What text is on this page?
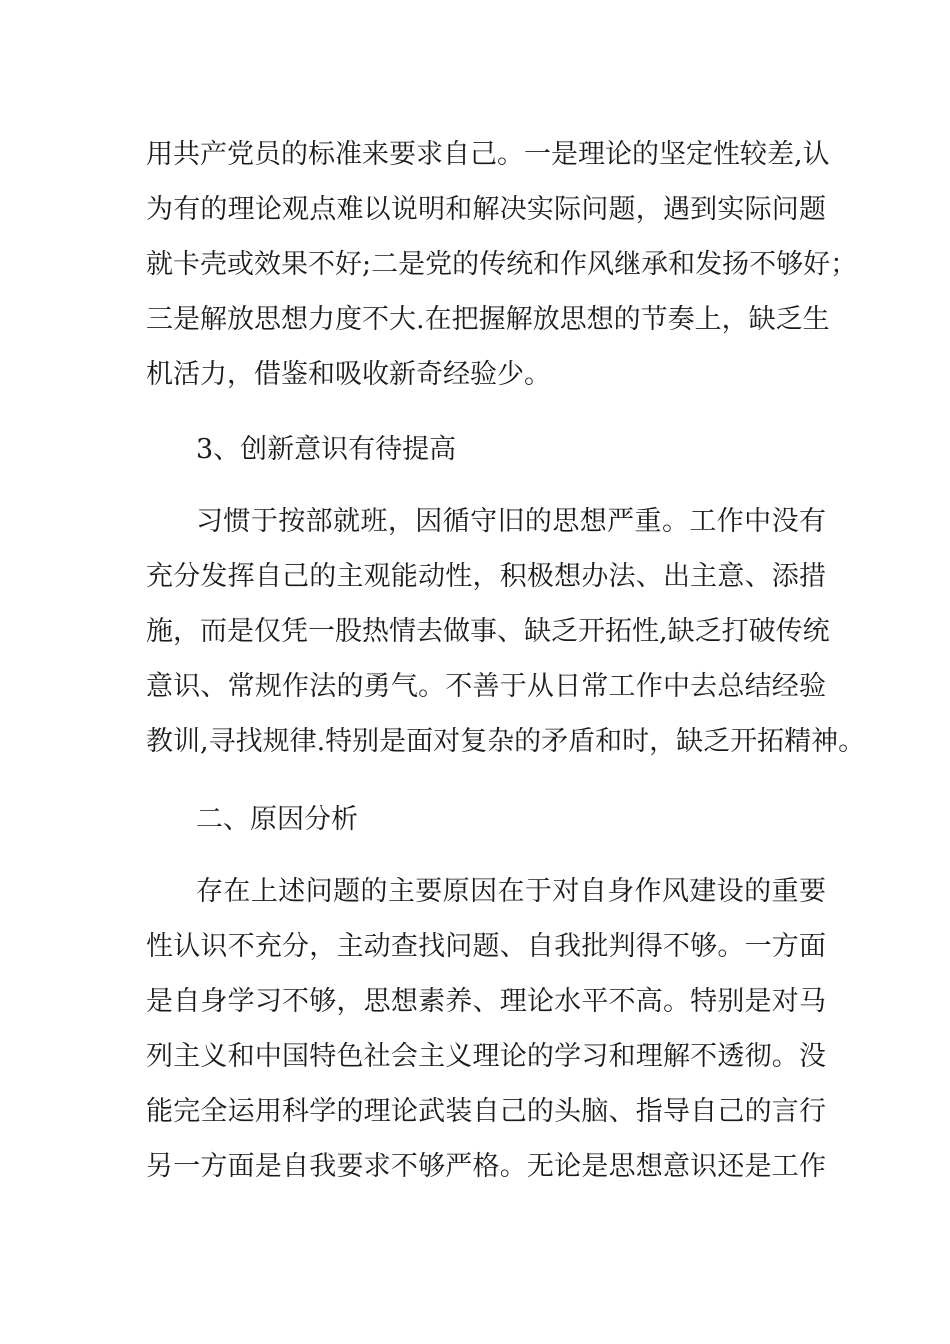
用共产党员的标准来要求自己。一是理论的坚定性较差,认
为有的理论观点难以说明和解决实际问题，遇到实际问题
就卡壳或效果不好;二是党的传统和作风继承和发扬不够好；
三是解放思想力度不大.在把握解放思想的节奏上，缺乏生
机活力，借鉴和吸收新奇经验少。
3、创新意识有待提高
习惯于按部就班，因循守旧的思想严重。工作中没有
充分发挥自己的主观能动性，积极想办法、出主意、添措
施，而是仅凭一股热情去做事、缺乏开拓性,缺乏打破传统
意识、常规作法的勇气。不善于从日常工作中去总结经验
教训,寻找规律.特别是面对复杂的矛盾和时，缺乏开拓精神。
二、原因分析
存在上述问题的主要原因在于对自身作风建设的重要
性认识不充分，主动查找问题、自我批判得不够。一方面
是自身学习不够，思想素养、理论水平不高。特别是对马
列主义和中国特色社会主义理论的学习和理解不透彻。没
能完全运用科学的理论武装自己的头脑、指导自己的言行
另一方面是自我要求不够严格。无论是思想意识还是工作
